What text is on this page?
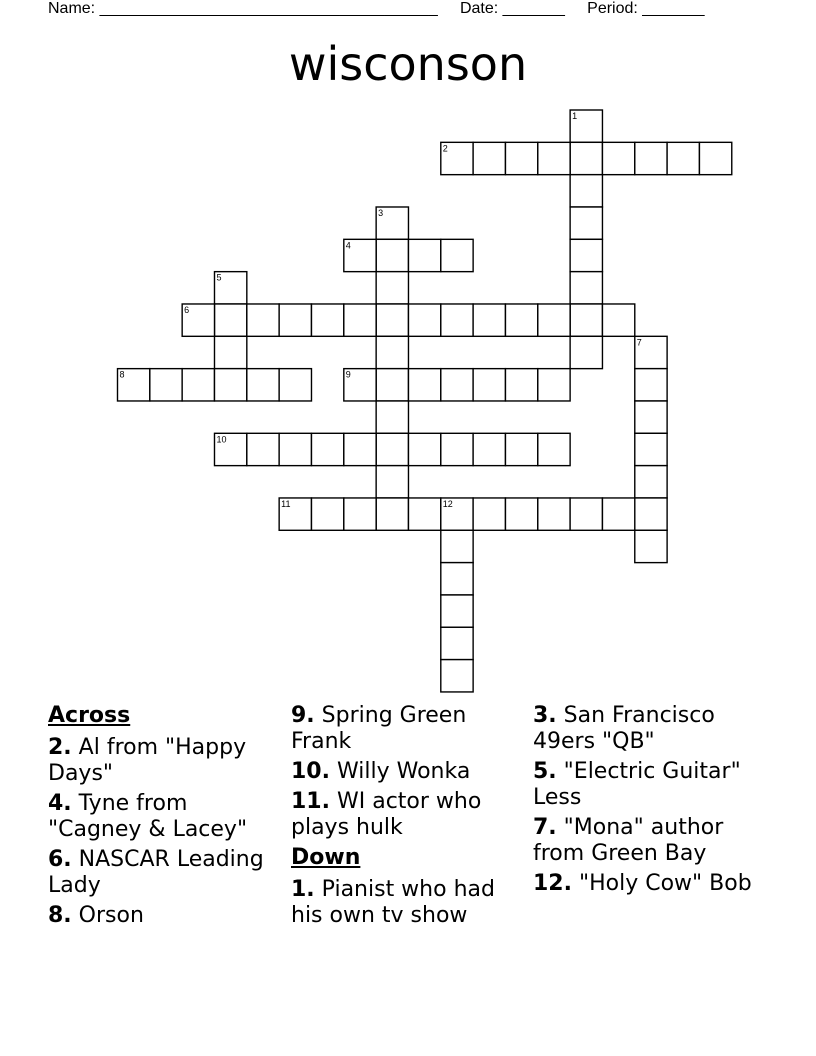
Name: ______________________________________     Date: _______     Period: _______
wisconson
1
2
3
4
5
6
7
8	9
10
11	12
Across
2. Al from "Happy Days"
4. Tyne from "Cagney & Lacey"
6. NASCAR Leading Lady
8. Orson
9. Spring Green Frank
10. Willy Wonka
11. WI actor who plays hulk
Down
1. Pianist who had his own tv show
3. San Francisco 49ers "QB"
5. "Electric Guitar" Less
7. "Mona" author from Green Bay
12. "Holy Cow" Bob
